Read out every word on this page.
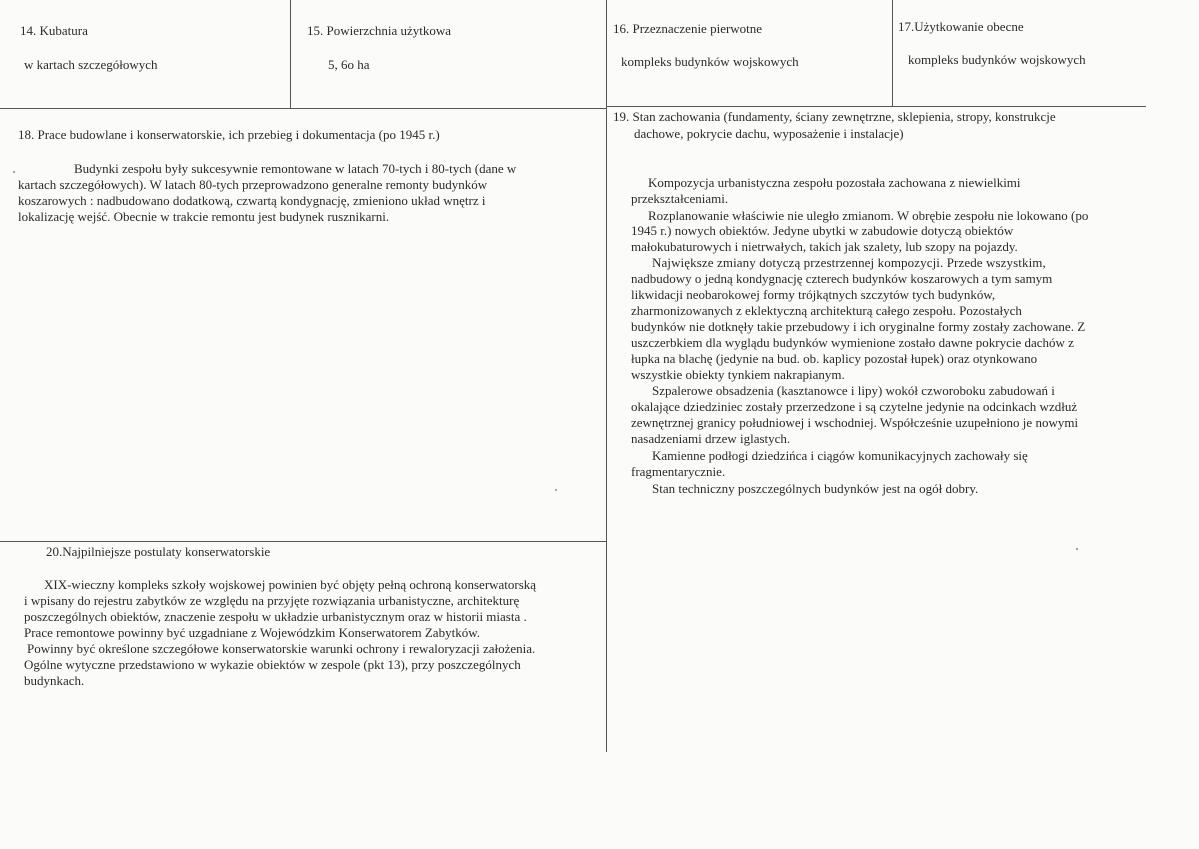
14. Kubatura
w kartach szczegółowych
15. Powierzchnia użytkowa
5, 6o ha
16. Przeznaczenie pierwotne
kompleks budynków wojskowych
17.Użytkowanie obecne
kompleks budynków wojskowych
18. Prace budowlane i konserwatorskie, ich przebieg i dokumentacja (po 1945 r.)
Budynki zespołu były sukcesywnie remontowane w latach 70-tych i 80-tych (dane w
kartach szczegółowych). W latach 80-tych przeprowadzono generalne remonty budynków
koszarowych : nadbudowano dodatkową, czwartą kondygnację, zmieniono układ wnętrz i
lokalizację wejść. Obecnie w trakcie remontu jest budynek rusznikarni.
19. Stan zachowania (fundamenty, ściany zewnętrzne, sklepienia, stropy, konstrukcje
dachowe, pokrycie dachu, wyposażenie i instalacje)
Kompozycja urbanistyczna zespołu pozostała zachowana z niewielkimi
przekształceniami.
Rozplanowanie właściwie nie uległo zmianom. W obrębie zespołu nie lokowano (po
1945 r.) nowych obiektów. Jedyne ubytki w zabudowie dotyczą obiektów
małokubaturowych i nietrwałych, takich jak szalety, lub szopy na pojazdy.
Największe zmiany dotyczą przestrzennej kompozycji. Przede wszystkim,
nadbudowy o jedną kondygnację czterech budynków koszarowych a tym samym
likwidacji neobarokowej formy trójkątnych szczytów tych budynków,
zharmonizowanych z eklektyczną architekturą całego zespołu. Pozostałych
budynków nie dotknęły takie przebudowy i ich oryginalne formy zostały zachowane. Z
uszczerbkiem dla wyglądu budynków wymienione zostało dawne pokrycie dachów z
łupka na blachę (jedynie na bud. ob. kaplicy pozostał łupek) oraz otynkowano
wszystkie obiekty tynkiem nakrapianym.
Szpalerowe obsadzenia (kasztanowce i lipy) wokół czworoboku zabudowań i
okalające dziedziniec zostały przerzedzone i są czytelne jedynie na odcinkach wzdłuż
zewnętrznej granicy południowej i wschodniej. Współcześnie uzupełniono je nowymi
nasadzeniami drzew iglastych.
Kamienne podłogi dziedzińca i ciągów komunikacyjnych zachowały się
fragmentarycznie.
Stan techniczny poszczególnych budynków jest na ogół dobry.
20.Najpilniejsze postulaty konserwatorskie
XIX-wieczny kompleks szkoły wojskowej powinien być objęty pełną ochroną konserwatorską
i wpisany do rejestru zabytków ze względu na przyjęte rozwiązania urbanistyczne, architekturę
poszczególnych obiektów, znaczenie zespołu w układzie urbanistycznym oraz w historii miasta .
Prace remontowe powinny być uzgadniane z Wojewódzkim Konserwatorem Zabytków.
Powinny być określone szczegółowe konserwatorskie warunki ochrony i rewaloryzacji założenia.
Ogólne wytyczne przedstawiono w wykazie obiektów w zespole (pkt 13), przy poszczególnych
budynkach.
